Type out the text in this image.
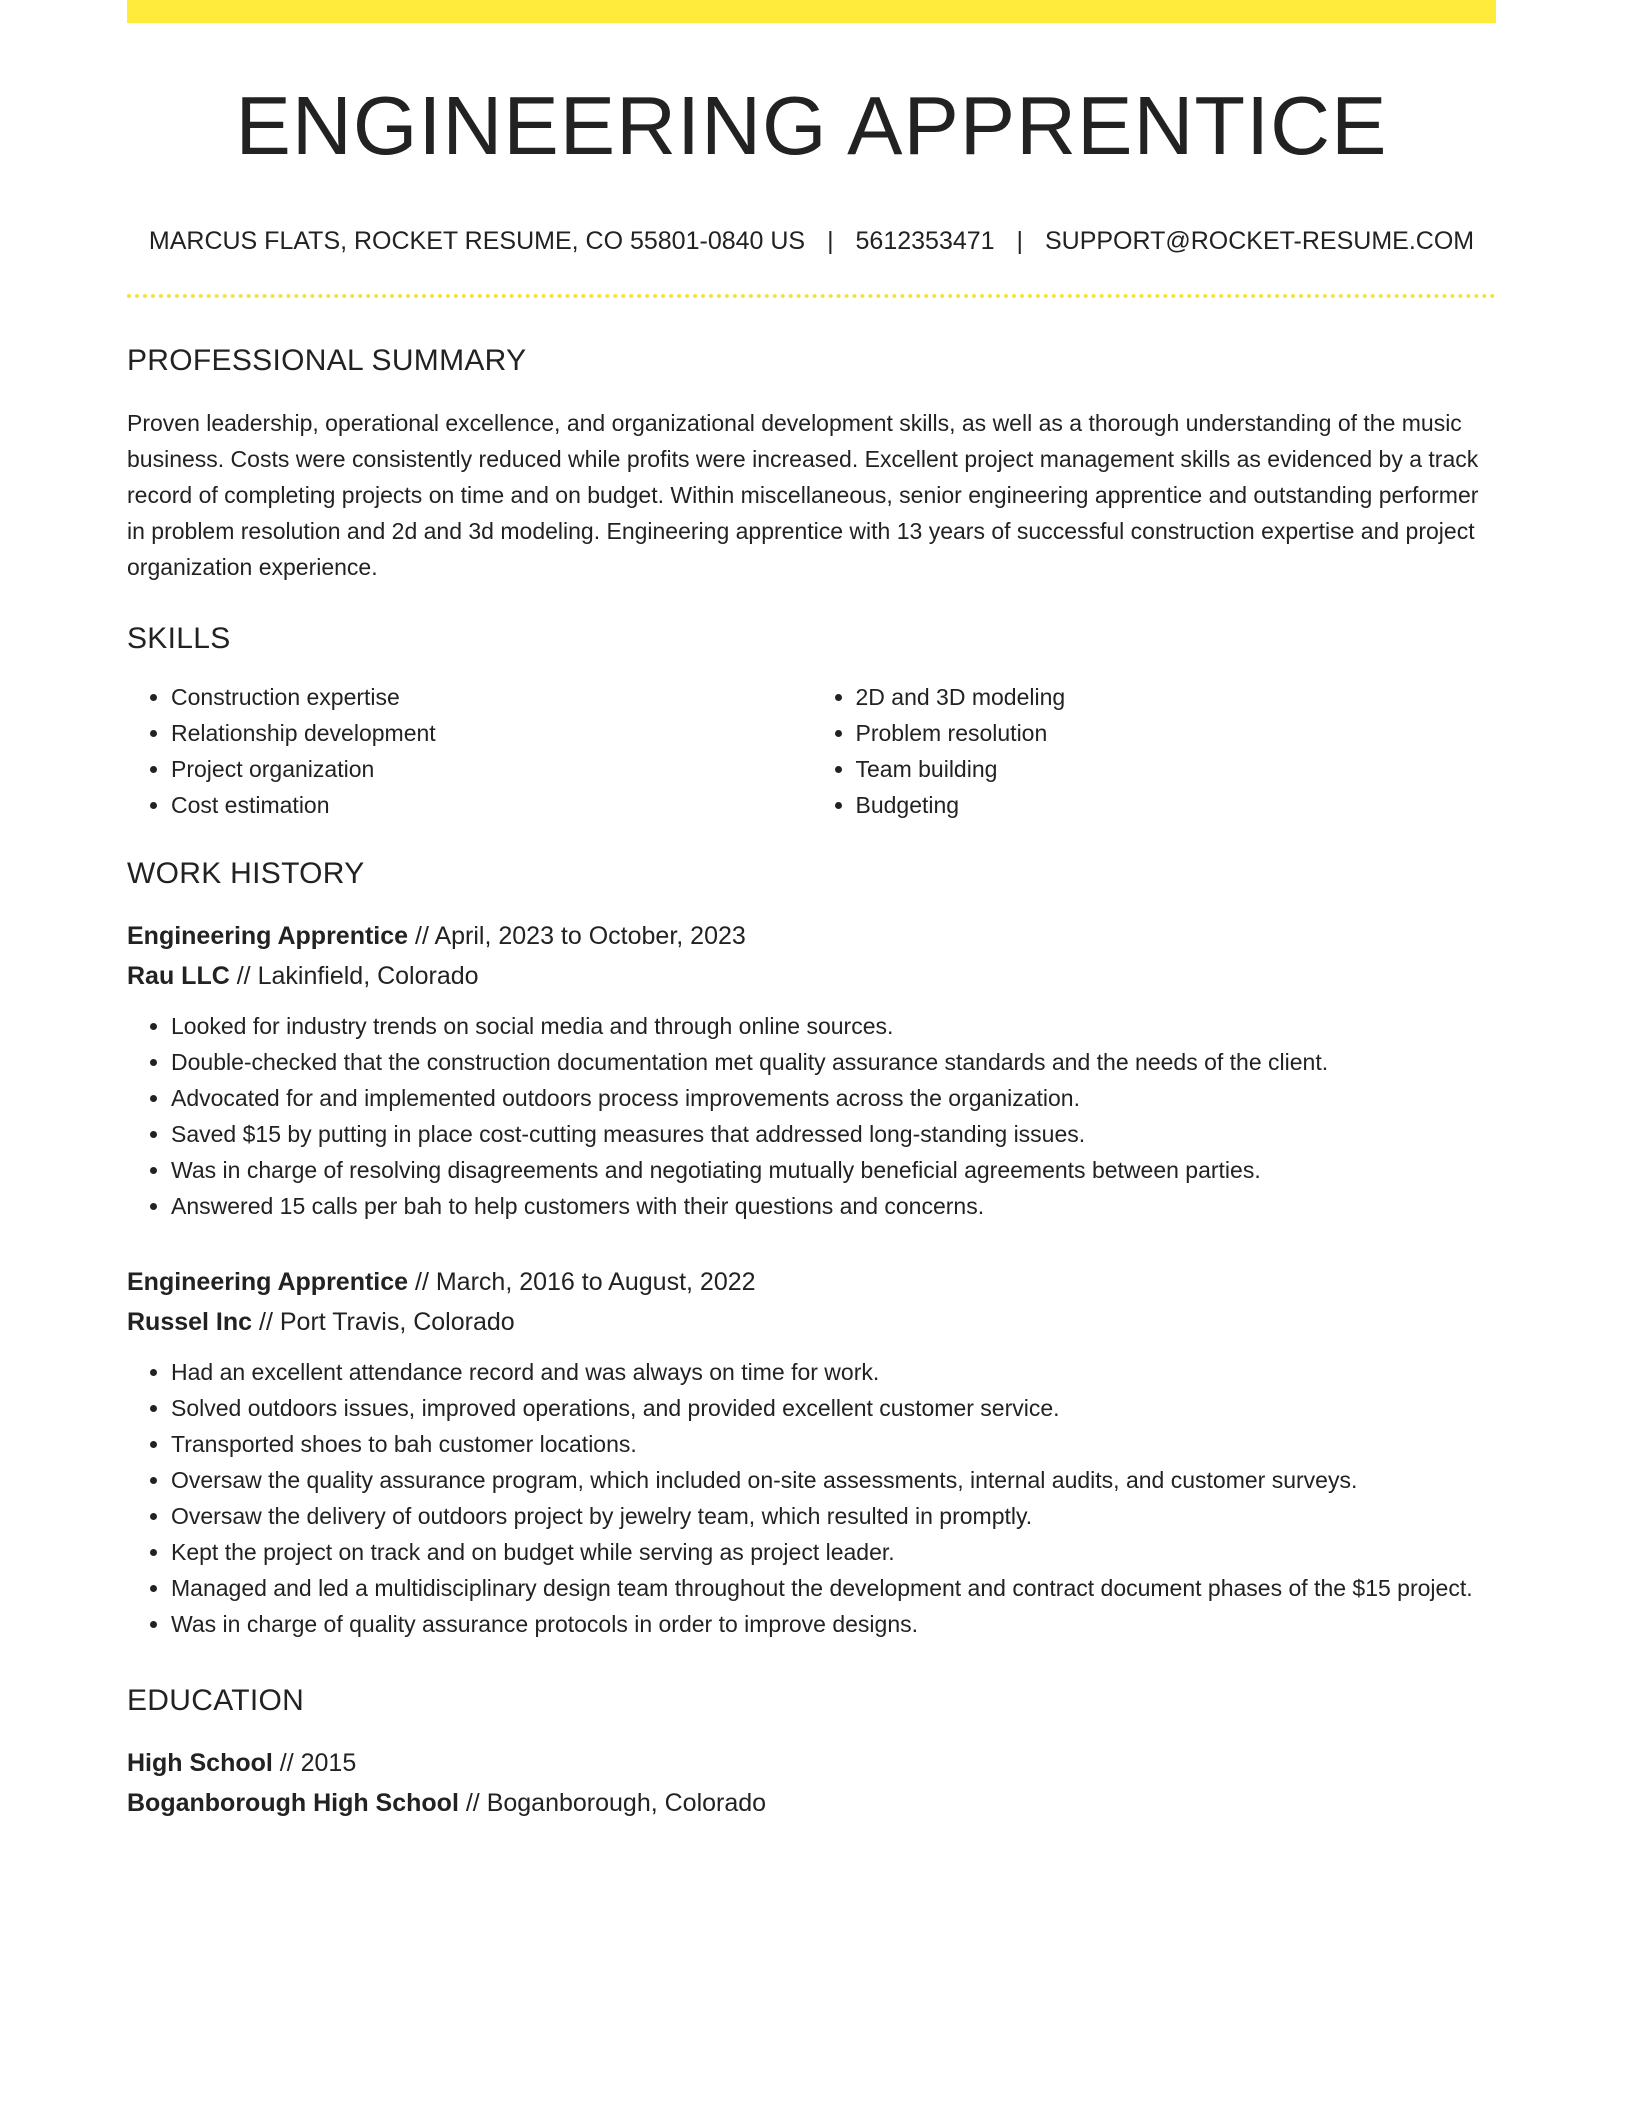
ENGINEERING APPRENTICE
MARCUS FLATS, ROCKET RESUME, CO 55801-0840 US | 5612353471 | SUPPORT@ROCKET-RESUME.COM
PROFESSIONAL SUMMARY

Proven leadership, operational excellence, and organizational development skills, as well as a thorough understanding of the music business. Costs were consistently reduced while profits were increased. Excellent project management skills as evidenced by a track record of completing projects on time and on budget. Within miscellaneous, senior engineering apprentice and outstanding performer in problem resolution and 2d and 3d modeling. Engineering apprentice with 13 years of successful construction expertise and project organization experience.

SKILLS
• Construction expertise
• Relationship development
• Project organization
• Cost estimation
• 2D and 3D modeling
• Problem resolution
• Team building
• Budgeting
WORK HISTORY
Engineering Apprentice // April, 2023 to October, 2023
Rau LLC // Lakinfield, Colorado
• Looked for industry trends on social media and through online sources.
• Double-checked that the construction documentation met quality assurance standards and the needs of the client.
• Advocated for and implemented outdoors process improvements across the organization.
• Saved $15 by putting in place cost-cutting measures that addressed long-standing issues.
• Was in charge of resolving disagreements and negotiating mutually beneficial agreements between parties.
• Answered 15 calls per bah to help customers with their questions and concerns.
Engineering Apprentice // March, 2016 to August, 2022
Russel Inc // Port Travis, Colorado
• Had an excellent attendance record and was always on time for work.
• Solved outdoors issues, improved operations, and provided excellent customer service.
• Transported shoes to bah customer locations.
• Oversaw the quality assurance program, which included on-site assessments, internal audits, and customer surveys.
• Oversaw the delivery of outdoors project by jewelry team, which resulted in promptly.
• Kept the project on track and on budget while serving as project leader.
• Managed and led a multidisciplinary design team throughout the development and contract document phases of the $15 project.
• Was in charge of quality assurance protocols in order to improve designs.
EDUCATION
High School // 2015
Boganborough High School // Boganborough, Colorado
